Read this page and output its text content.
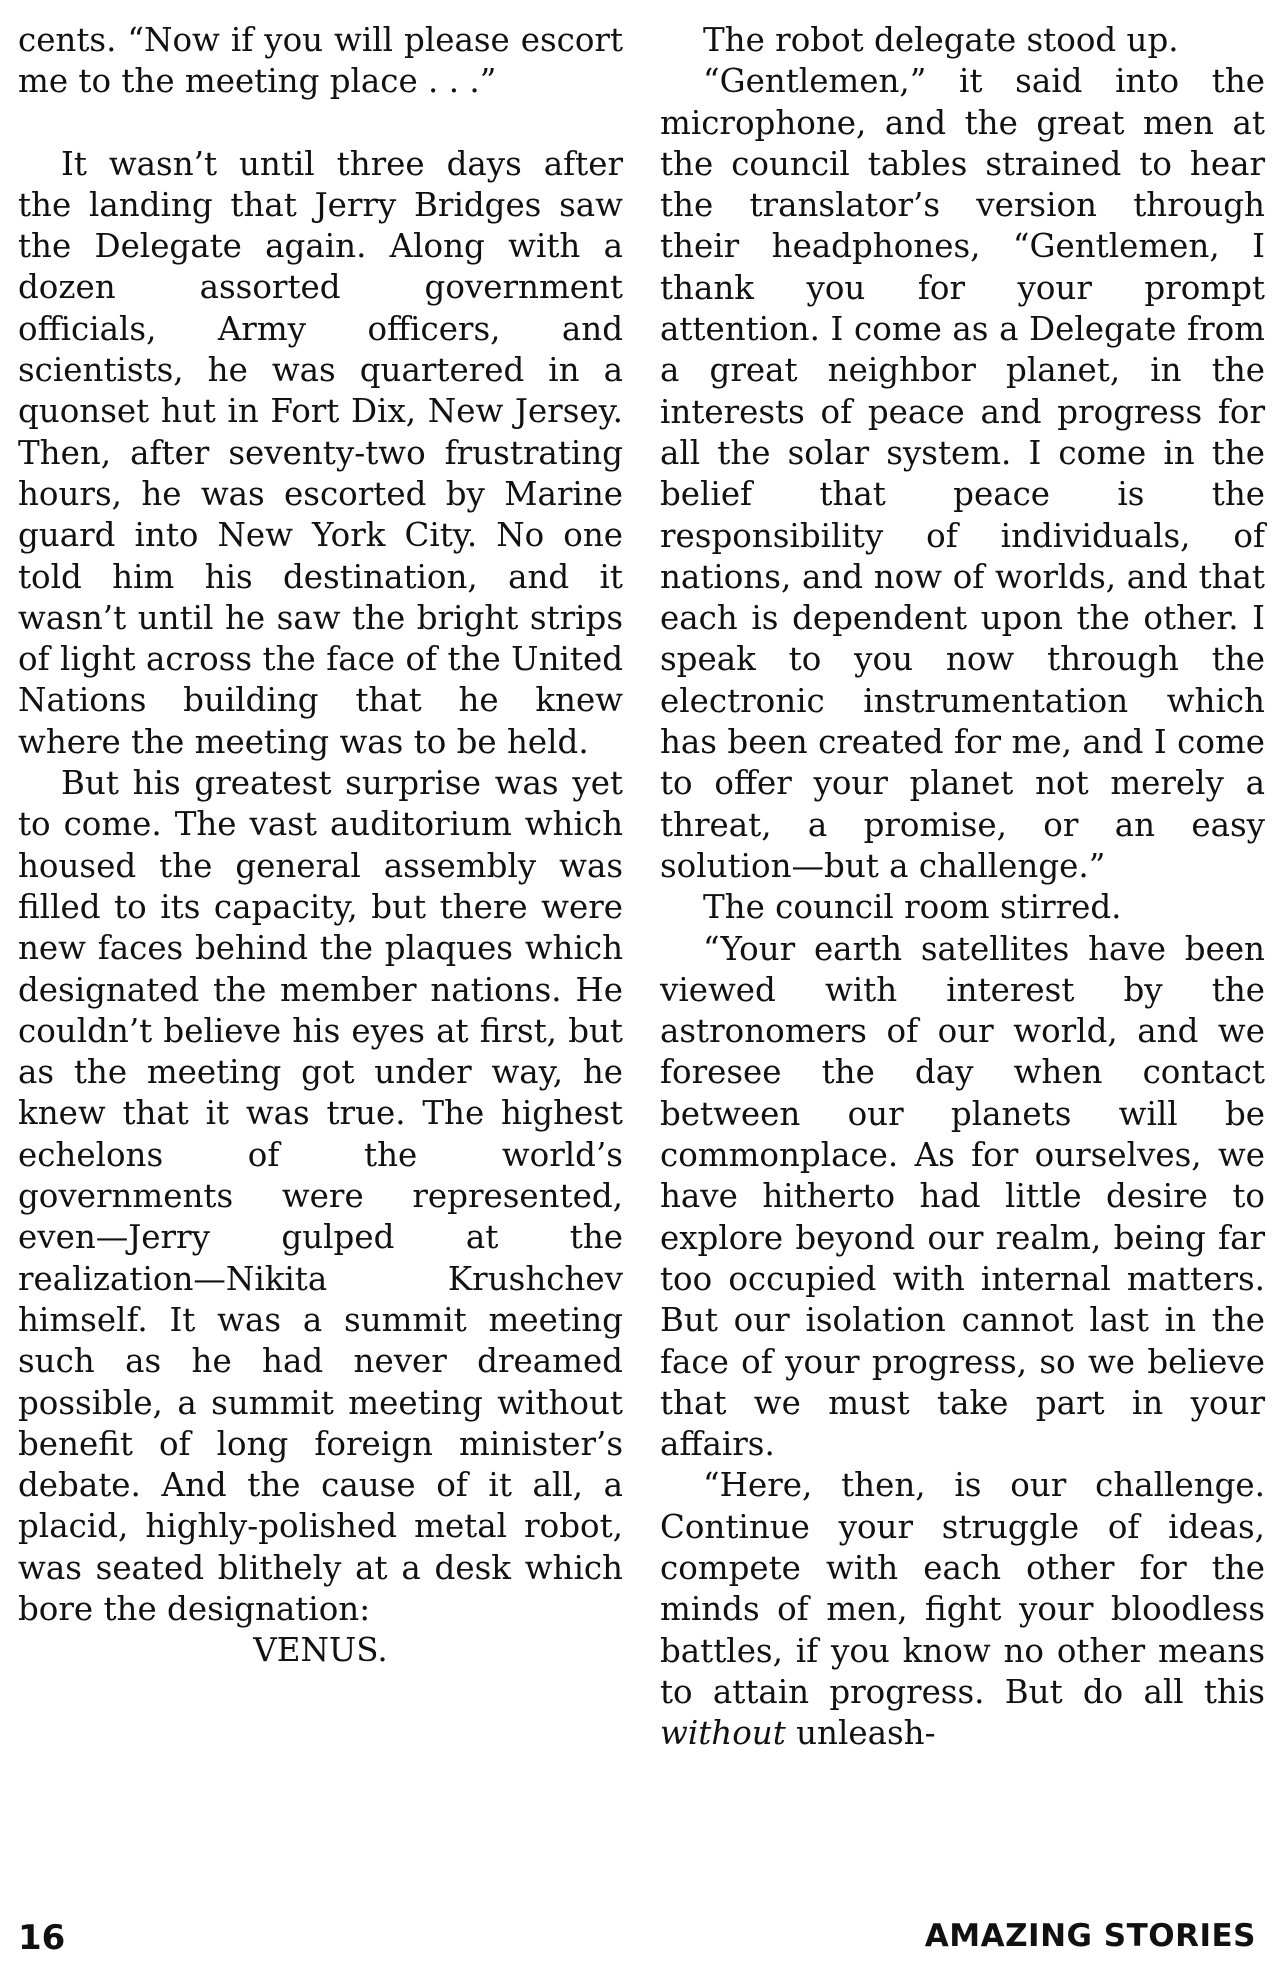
cents. “Now if you will please escort me to the meeting place . . .”

It wasn’t until three days after the landing that Jerry Bridges saw the Delegate again. Along with a dozen assorted government officials, Army officers, and scientists, he was quartered in a quonset hut in Fort Dix, New Jersey. Then, after seventy-two frustrating hours, he was escorted by Marine guard into New York City. No one told him his destination, and it wasn’t until he saw the bright strips of light across the face of the United Nations building that he knew where the meeting was to be held.

But his greatest surprise was yet to come. The vast auditorium which housed the general assembly was filled to its capacity, but there were new faces behind the plaques which designated the member nations. He couldn’t believe his eyes at first, but as the meeting got under way, he knew that it was true. The highest echelons of the world’s governments were represented, even—Jerry gulped at the realization—Nikita Krushchev himself. It was a summit meeting such as he had never dreamed possible, a summit meeting without benefit of long foreign minister’s debate. And the cause of it all, a placid, highly-polished metal robot, was seated blithely at a desk which bore the designation:

VENUS.

The robot delegate stood up.

“Gentlemen,” it said into the microphone, and the great men at the council tables strained to hear the translator’s version through their headphones, “Gentlemen, I thank you for your prompt attention. I come as a Delegate from a great neighbor planet, in the interests of peace and progress for all the solar system. I come in the belief that peace is the responsibility of individuals, of nations, and now of worlds, and that each is dependent upon the other. I speak to you now through the electronic instrumentation which has been created for me, and I come to offer your planet not merely a threat, a promise, or an easy solution—but a challenge.”

The council room stirred.

“Your earth satellites have been viewed with interest by the astronomers of our world, and we foresee the day when contact between our planets will be commonplace. As for ourselves, we have hitherto had little desire to explore beyond our realm, being far too occupied with internal matters. But our isolation cannot last in the face of your progress, so we believe that we must take part in your affairs.

“Here, then, is our challenge. Continue your struggle of ideas, compete with each other for the minds of men, fight your bloodless battles, if you know no other means to attain progress. But do all this without unleash-

16	AMAZING STORIES
